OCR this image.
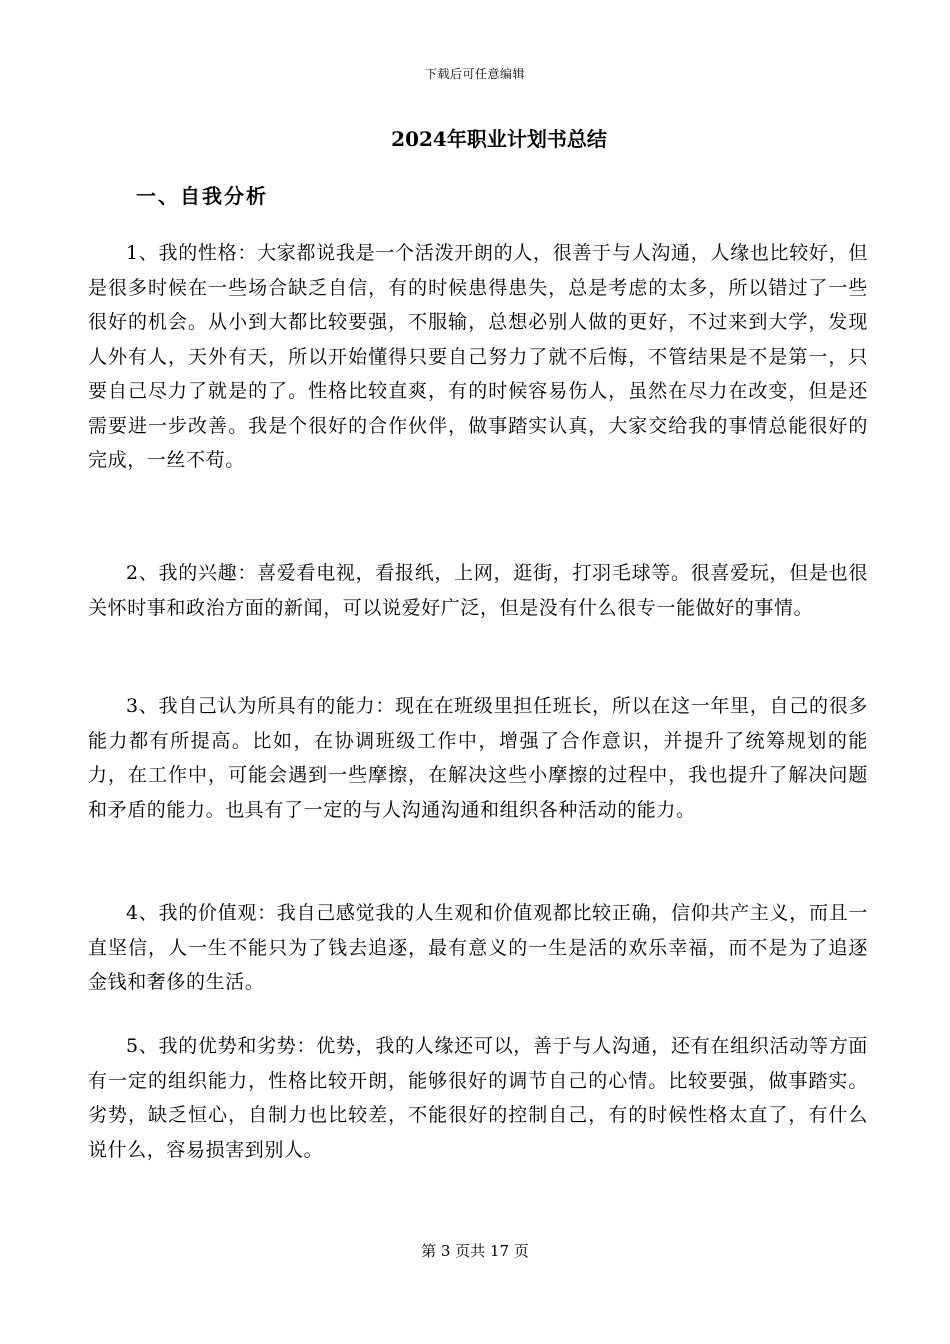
下载后可任意编辑
2024年职业计划书总结
一、自我分析

1、我的性格：大家都说我是一个活泼开朗的人，很善于与人沟通，人缘也比较好，但是很多时候在一些场合缺乏自信，有的时候患得患失，总是考虑的太多，所以错过了一些很好的机会。从小到大都比较要强，不服输，总想必别人做的更好，不过来到大学，发现人外有人，天外有天，所以开始懂得只要自己努力了就不后悔，不管结果是不是第一，只要自己尽力了就是的了。性格比较直爽，有的时候容易伤人，虽然在尽力在改变，但是还需要进一步改善。我是个很好的合作伙伴，做事踏实认真，大家交给我的事情总能很好的完成，一丝不苟。

2、我的兴趣：喜爱看电视，看报纸，上网，逛街，打羽毛球等。很喜爱玩，但是也很关怀时事和政治方面的新闻，可以说爱好广泛，但是没有什么很专一能做好的事情。

3、我自己认为所具有的能力：现在在班级里担任班长，所以在这一年里，自己的很多能力都有所提高。比如，在协调班级工作中，增强了合作意识，并提升了统筹规划的能力，在工作中，可能会遇到一些摩擦，在解决这些小摩擦的过程中，我也提升了解决问题和矛盾的能力。也具有了一定的与人沟通沟通和组织各种活动的能力。

4、我的价值观：我自己感觉我的人生观和价值观都比较正确，信仰共产主义，而且一直坚信，人一生不能只为了钱去追逐，最有意义的一生是活的欢乐幸福，而不是为了追逐金钱和奢侈的生活。

5、我的优势和劣势：优势，我的人缘还可以，善于与人沟通，还有在组织活动等方面有一定的组织能力，性格比较开朗，能够很好的调节自己的心情。比较要强，做事踏实。劣势，缺乏恒心，自制力也比较差，不能很好的控制自己，有的时候性格太直了，有什么说什么，容易损害到别人。

第 3 页共 17 页
